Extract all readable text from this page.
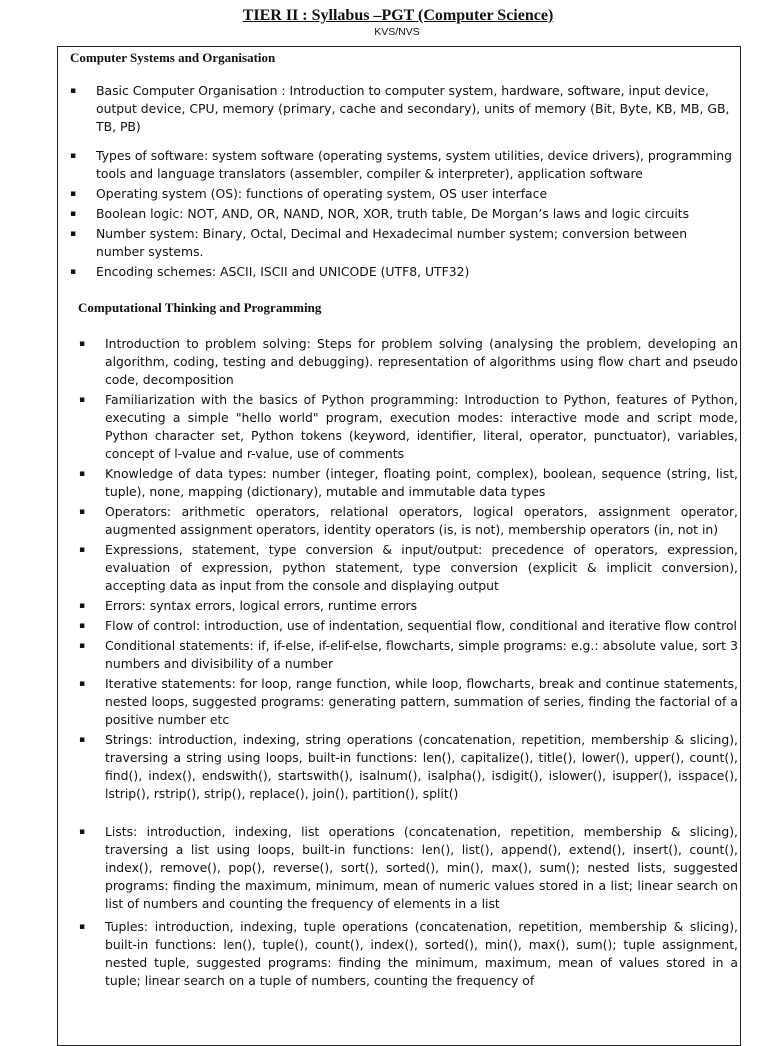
TIER II : Syllabus –PGT (Computer Science)

KVS/NVS

Computer Systems and Organisation

▪ Basic Computer Organisation : Introduction to computer system, hardware, software, input device, output device, CPU, memory (primary, cache and secondary), units of memory (Bit, Byte, KB, MB, GB, TB, PB)
▪ Types of software: system software (operating systems, system utilities, device drivers), programming tools and language translators (assembler, compiler & interpreter), application software
▪ Operating system (OS): functions of operating system, OS user interface
▪ Boolean logic: NOT, AND, OR, NAND, NOR, XOR, truth table, De Morgan’s laws and logic circuits
▪ Number system: Binary, Octal, Decimal and Hexadecimal number system; conversion between number systems.
▪ Encoding schemes: ASCII, ISCII and UNICODE (UTF8, UTF32)

Computational Thinking and Programming

▪ Introduction to problem solving: Steps for problem solving (analysing the problem, developing an algorithm, coding, testing and debugging). representation of algorithms using flow chart and pseudo code, decomposition
▪ Familiarization with the basics of Python programming: Introduction to Python, features of Python, executing a simple "hello world" program, execution modes: interactive mode and script mode, Python character set, Python tokens (keyword, identifier, literal, operator, punctuator), variables, concept of l-value and r-value, use of comments
▪ Knowledge of data types: number (integer, floating point, complex), boolean, sequence (string, list, tuple), none, mapping (dictionary), mutable and immutable data types
▪ Operators: arithmetic operators, relational operators, logical operators, assignment operator, augmented assignment operators, identity operators (is, is not), membership operators (in, not in)
▪ Expressions, statement, type conversion & input/output: precedence of operators, expression, evaluation of expression, python statement, type conversion (explicit & implicit conversion), accepting data as input from the console and displaying output
▪ Errors: syntax errors, logical errors, runtime errors
▪ Flow of control: introduction, use of indentation, sequential flow, conditional and iterative flow control
▪ Conditional statements: if, if-else, if-elif-else, flowcharts, simple programs: e.g.: absolute value, sort 3 numbers and divisibility of a number
▪ Iterative statements: for loop, range function, while loop, flowcharts, break and continue statements, nested loops, suggested programs: generating pattern, summation of series, finding the factorial of a positive number etc
▪ Strings: introduction, indexing, string operations (concatenation, repetition, membership & slicing), traversing a string using loops, built-in functions: len(), capitalize(), title(), lower(), upper(), count(), find(), index(), endswith(), startswith(), isalnum(), isalpha(), isdigit(), islower(), isupper(), isspace(), lstrip(), rstrip(), strip(), replace(), join(), partition(), split()
▪ Lists: introduction, indexing, list operations (concatenation, repetition, membership & slicing), traversing a list using loops, built-in functions: len(), list(), append(), extend(), insert(), count(), index(), remove(), pop(), reverse(), sort(), sorted(), min(), max(), sum(); nested lists, suggested programs: finding the maximum, minimum, mean of numeric values stored in a list; linear search on list of numbers and counting the frequency of elements in a list
▪ Tuples: introduction, indexing, tuple operations (concatenation, repetition, membership & slicing), built-in functions: len(), tuple(), count(), index(), sorted(), min(), max(), sum(); tuple assignment, nested tuple, suggested programs: finding the minimum, maximum, mean of values stored in a tuple; linear search on a tuple of numbers, counting the frequency of
